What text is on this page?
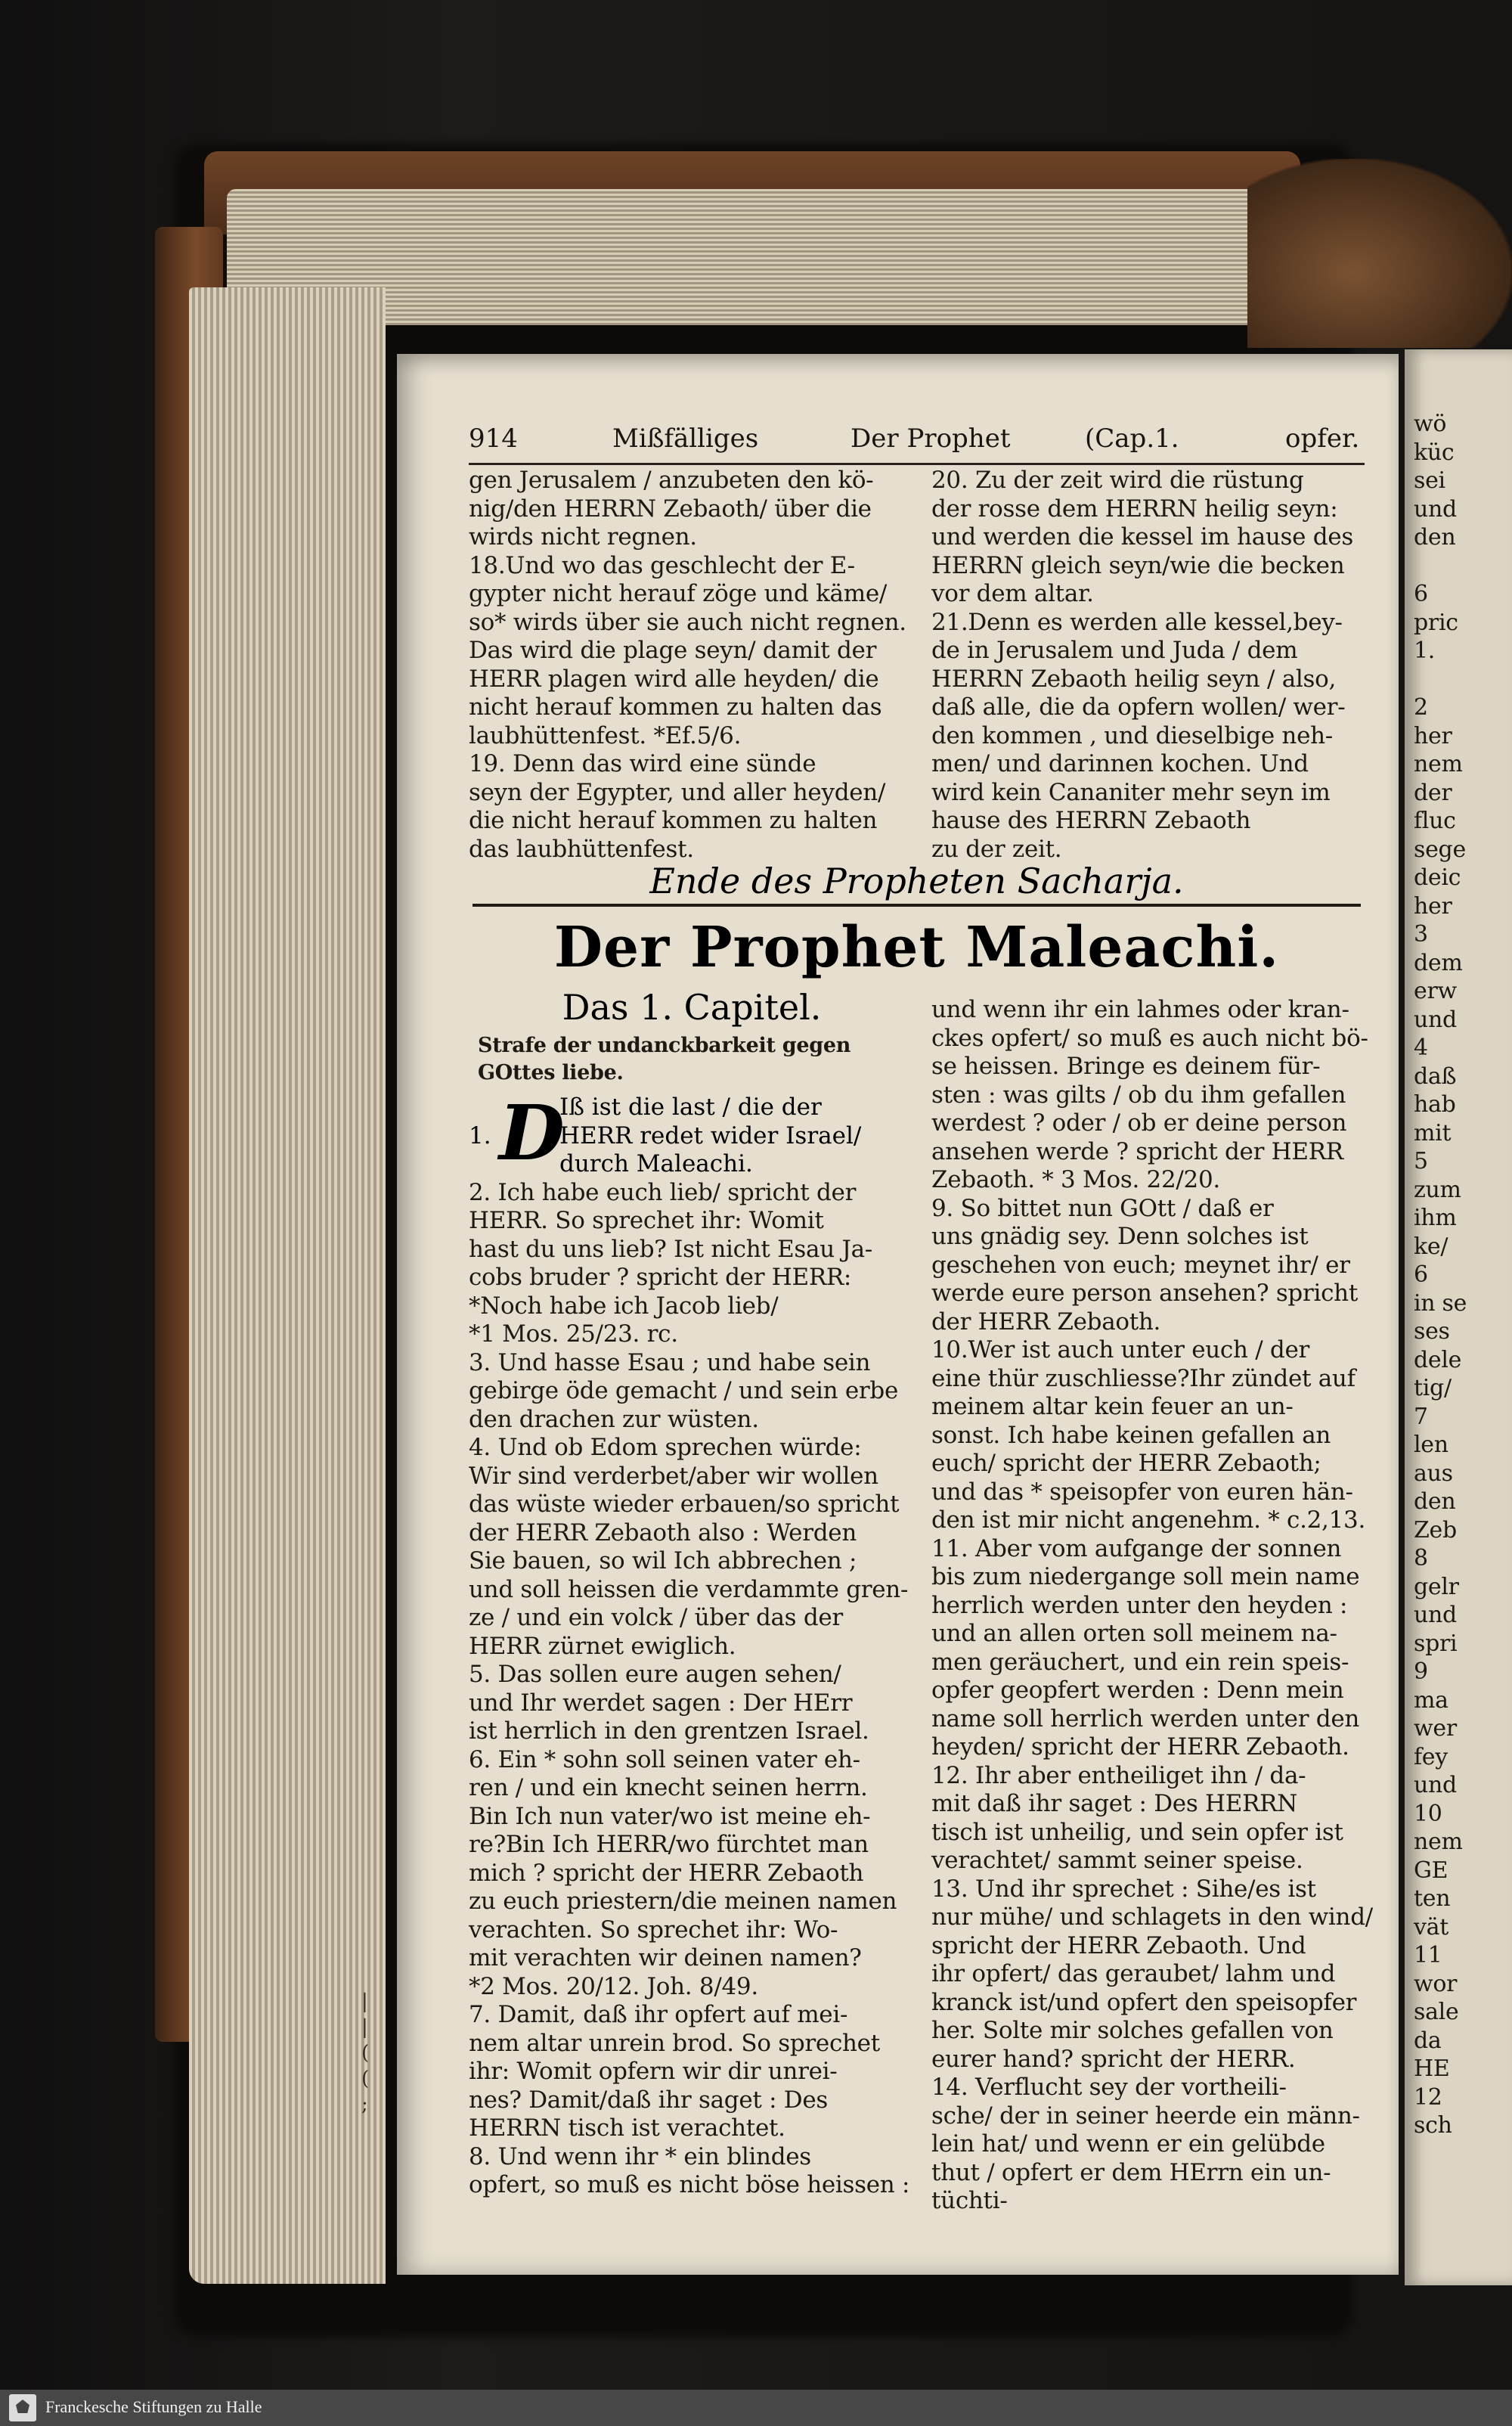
wö
küc
sei
und
den

6
pric
1.

2
her
nem
der
fluc
sege
deic
her
3
dem
erw
und
4
daß
hab
mit
5
zum
ihm
ke/
6
in se
ses
dele
tig/
7
len
aus
den
Zeb
8
gelr
und
spri
9
ma
wer
fey
und
10
nem
GE
ten
vät
11
wor
sale
da
HE
12
sch
914	Mißfälliges	Der Prophet	(Cap.1.	opfer.
gen Jerusalem / anzubeten den kö-
nig/den HERRN Zebaoth/ über die
wirds nicht regnen.
18.Und wo das geschlecht der E-
gypter nicht herauf zöge und käme/
so* wirds über sie auch nicht regnen.
Das wird die plage seyn/ damit der
HERR plagen wird alle heyden/ die
nicht herauf kommen zu halten das
laubhüttenfest. *Ef.5/6.
19. Denn das wird eine sünde
seyn der Egypter, und aller heyden/
die nicht herauf kommen zu halten
das laubhüttenfest.
20. Zu der zeit wird die rüstung
der rosse dem HERRN heilig seyn:
und werden die kessel im hause des
HERRN gleich seyn/wie die becken
vor dem altar.
21.Denn es werden alle kessel,bey-
de in Jerusalem und Juda / dem
HERRN Zebaoth heilig seyn / also,
daß alle, die da opfern wollen/ wer-
den kommen , und dieselbige neh-
men/ und darinnen kochen. Und
wird kein Cananiter mehr seyn im
hause des HERRN Zebaoth
zu der zeit.
Ende des Propheten Sacharja.
Der Prophet Maleachi.
Das 1. Capitel.
Strafe der undanckbarkeit gegen
GOttes liebe.
1. D
Iß ist die last / die der
HERR redet wider Israel/
durch Maleachi.

2. Ich habe euch lieb/ spricht der
HERR. So sprechet ihr: Womit
hast du uns lieb? Ist nicht Esau Ja-
cobs bruder ? spricht der HERR:
*Noch habe ich Jacob lieb/
*1 Mos. 25/23. rc.
3. Und hasse Esau ; und habe sein
gebirge öde gemacht / und sein erbe
den drachen zur wüsten.
4. Und ob Edom sprechen würde:
Wir sind verderbet/aber wir wollen
das wüste wieder erbauen/so spricht
der HERR Zebaoth also : Werden
Sie bauen, so wil Ich abbrechen ;
und soll heissen die verdammte gren-
ze / und ein volck / über das der
HERR zürnet ewiglich.
5. Das sollen eure augen sehen/
und Ihr werdet sagen : Der HErr
ist herrlich in den grentzen Israel.
6. Ein * sohn soll seinen vater eh-
ren / und ein knecht seinen herrn.
Bin Ich nun vater/wo ist meine eh-
re?Bin Ich HERR/wo fürchtet man
mich ? spricht der HERR Zebaoth
zu euch priestern/die meinen namen
verachten. So sprechet ihr: Wo-
mit verachten wir deinen namen?
*2 Mos. 20/12. Joh. 8/49.
7. Damit, daß ihr opfert auf mei-
nem altar unrein brod. So sprechet
ihr: Womit opfern wir dir unrei-
nes? Damit/daß ihr saget : Des
HERRN tisch ist verachtet.
8. Und wenn ihr * ein blindes
opfert, so muß es nicht böse heissen :
und wenn ihr ein lahmes oder kran-
ckes opfert/ so muß es auch nicht bö-
se heissen. Bringe es deinem für-
sten : was gilts / ob du ihm gefallen
werdest ? oder / ob er deine person
ansehen werde ? spricht der HERR
Zebaoth. * 3 Mos. 22/20.
9. So bittet nun GOtt / daß er
uns gnädig sey. Denn solches ist
geschehen von euch; meynet ihr/ er
werde eure person ansehen? spricht
der HERR Zebaoth.
10.Wer ist auch unter euch / der
eine thür zuschliesse?Ihr zündet auf
meinem altar kein feuer an un-
sonst. Ich habe keinen gefallen an
euch/ spricht der HERR Zebaoth;
und das * speisopfer von euren hän-
den ist mir nicht angenehm. * c.2,13.
11. Aber vom aufgange der sonnen
bis zum niedergange soll mein name
herrlich werden unter den heyden :
und an allen orten soll meinem na-
men geräuchert, und ein rein speis-
opfer geopfert werden : Denn mein
name soll herrlich werden unter den
heyden/ spricht der HERR Zebaoth.
12. Ihr aber entheiliget ihn / da-
mit daß ihr saget : Des HERRN
tisch ist unheilig, und sein opfer ist
verachtet/ sammt seiner speise.
13. Und ihr sprechet : Sihe/es ist
nur mühe/ und schlagets in den wind/
spricht der HERR Zebaoth. Und
ihr opfert/ das geraubet/ lahm und
kranck ist/und opfert den speisopfer
her. Solte mir solches gefallen von
eurer hand? spricht der HERR.
14. Verflucht sey der vortheili-
sche/ der in seiner heerde ein männ-
lein hat/ und wenn er ein gelübde
thut / opfert er dem HErrn ein un-
tüchti-
|
|
(
(
;
Franckesche Stiftungen zu Halle
